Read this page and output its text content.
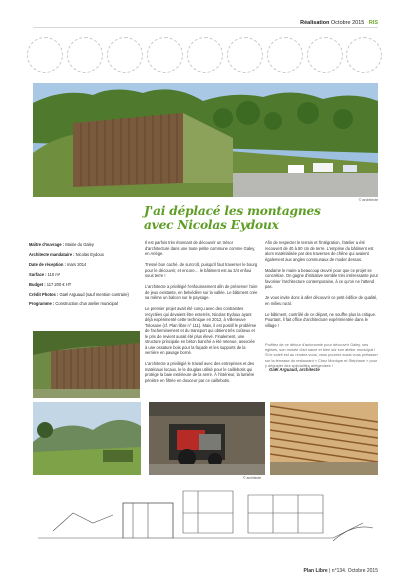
Réalisation Octobre 2015 RIS
© architecte
J'ai déplacé les montagnes avec Nicolas Eydoux
Maître d'ouvrage : Mairie du Galey
Architecte mandataire : Nicolas Eydoux
Date de réception : mars 2014
Surface : 110 m²
Budget : 117 200 € HT
Crédit Photos : Gaël Arguaud (sauf mention contraire)
Programme : Construction d'un atelier municipal

Il est parfois très étonnant de découvrir un trésor d'architecture dans une toute petite commune comme Galey, en Ariège.

Tressé bon caché, de surcroît, puisqu'il faut traverser le bourg pour le découvrir, et encore… le bâtiment est au 3/4 enfoui sous terre !

L'architecte a privilégié l'enfouissement afin de préserver l'aire de jeux existante, en belvédère sur la vallée. Le bâtiment crée sa même un balcon sur le paysage.

Le premier projet avait été conçu avec des contraintes recyclées qui devaient être enterrés, Nicolas Eydoux ayant déjà expérimenté cette technique en 2012, à Villeneuve Tolosane (cf. Plan libre n° 111). Mais, il est positif le problème de l'acheminement et du transport qui obtient très coûteux et le prix de revient aurait été plus élevé. Finalement, une structure principale en béton banché a été retenue, associée à une ossature bois pour la façade et les supports de la verrière en pavage borné.

L'architecte a privilégié le travail avec des entreprises et des matériaux locaux, le le douglas utilisé pour le caillebotis qui protège la baie extérieure de la serre. À l'intérieur, la lumière pénètre en filtrée en douceur par ce caillebotis.

Afin de respecter le terrain et l'intégration, l'atelier a été recouvert de 40 à 50 cm de terre. L'emprise du bâtiment est alors matérialisée par des traverses de chêne qui avaient également aux angles communaux de moder dessus.

Madame le maire a beaucoup œuvré pour que ce projet se concrétise. On gagne d'initiative semble très intéressante pour favoriser l'architecture contemporaine, à ce qu'on ne l'attend pas.

Je vous invite donc à aller découvrir ce petit édifice de qualité, en milieu rural.

Le bâtiment, contrôlé de ce départ, ne souffre plus la critique. Pourtant, il fait office d'architecture expérimentée dans le village !

Profitez de ce détour d'autonomie pour découvrir Galey, ses églises, son musée d'art sacré et bien sûr son atelier municipal ! Si le soleil est au rendez-vous, vous pourrez aussi vous prélasser sur la terrasse du restaurant « Chez Monique et Stéphane » pour y déguster des spécialités ariégeoises !
Gaël Arguaud, architecte
© architecte
Plan Libre | n°134. Octobre 2015
